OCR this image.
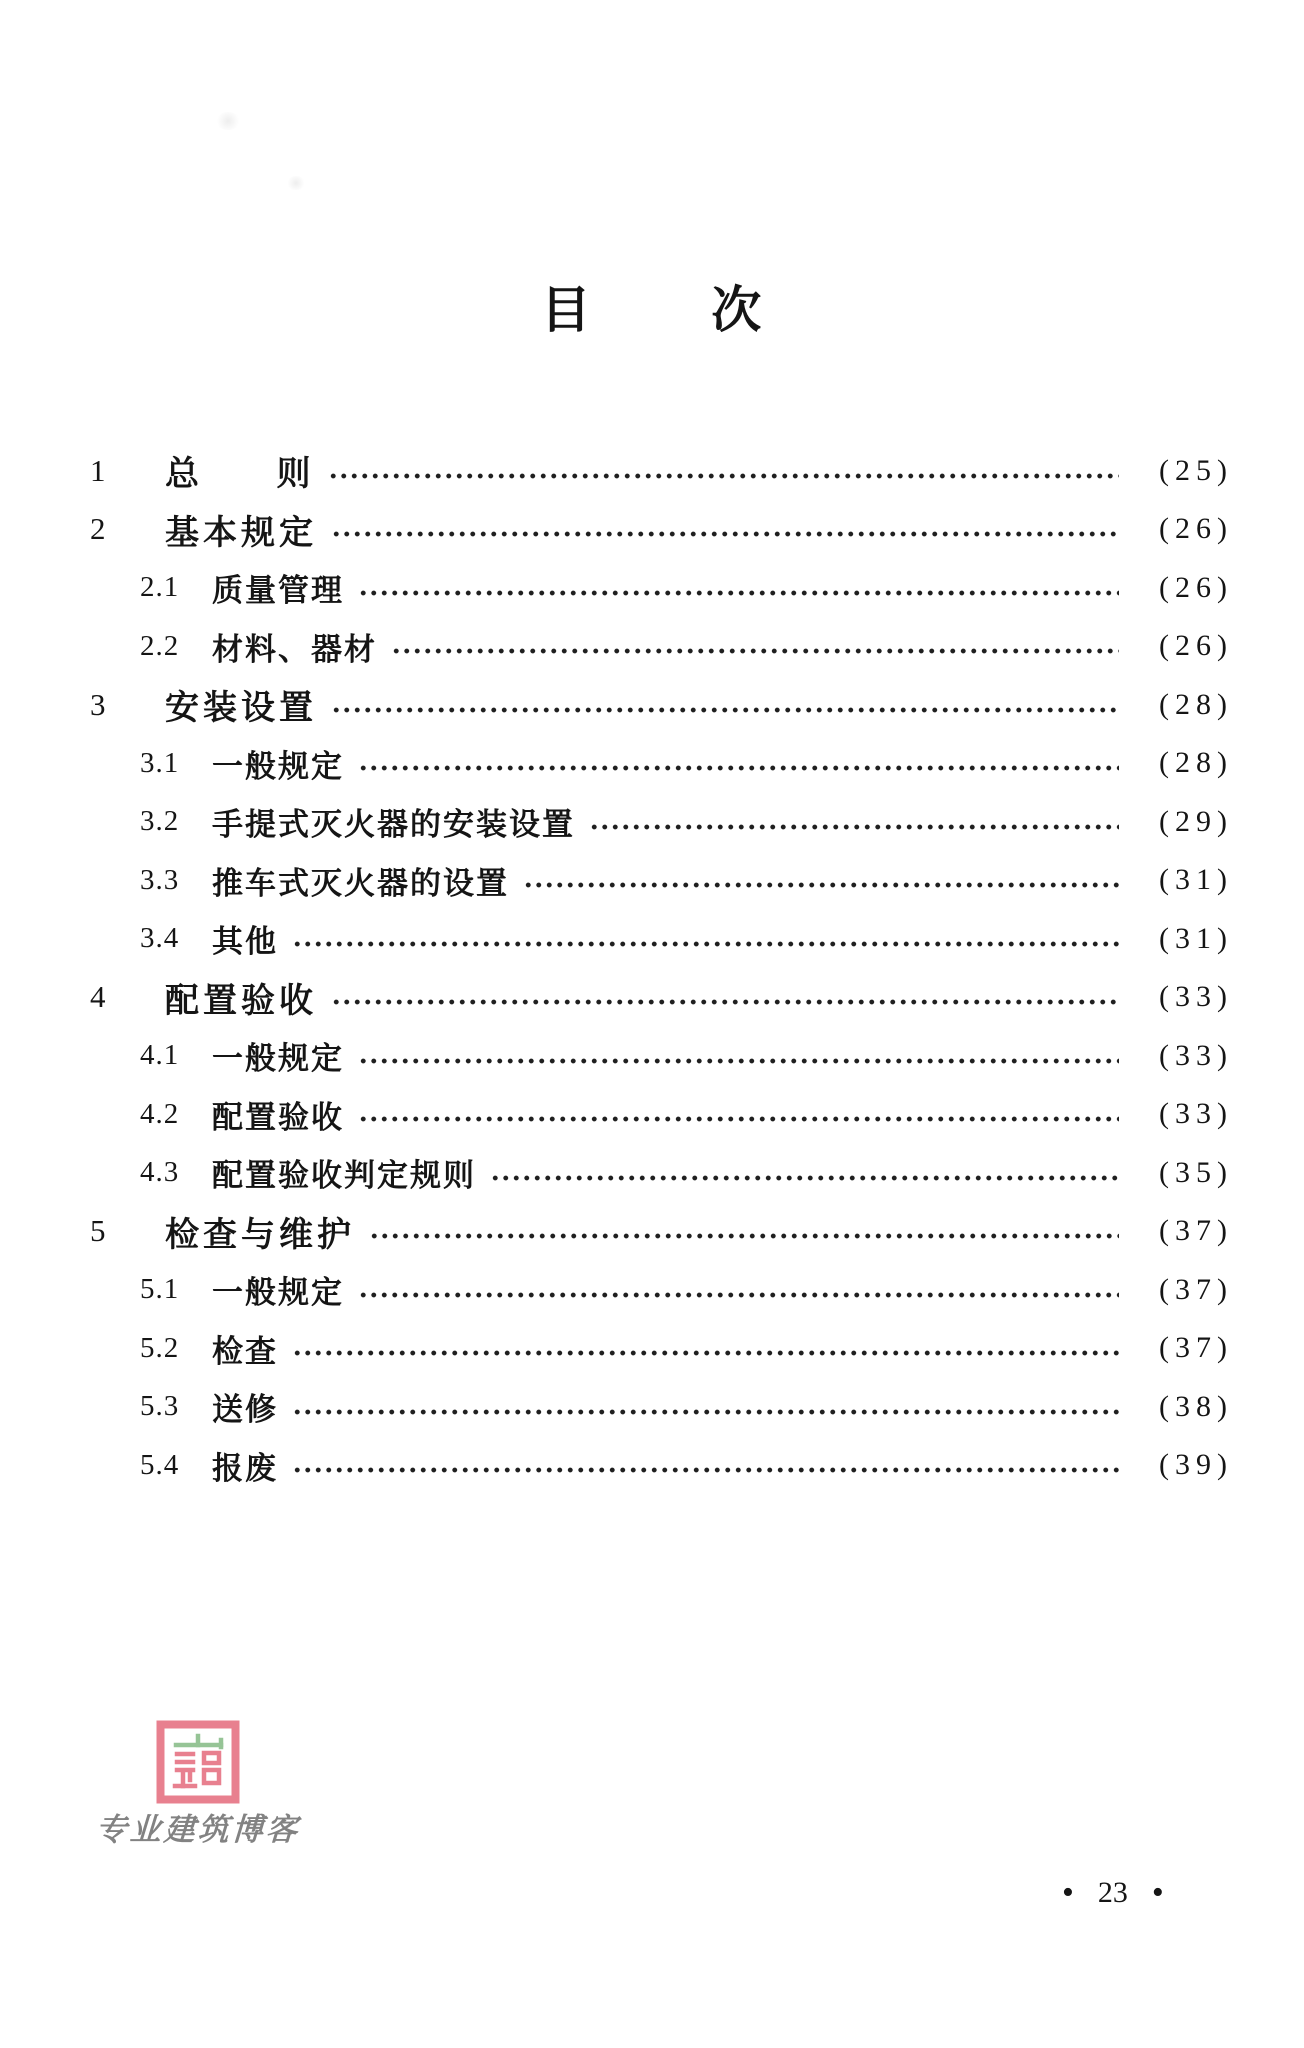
目 次
1	总 则	(25)
2	基本规定	(26)
2.1	质量管理	(26)
2.2	材料、器材	(26)
3	安装设置	(28)
3.1	一般规定	(28)
3.2	手提式灭火器的安装设置	(29)
3.3	推车式灭火器的设置	(31)
3.4	其他	(31)
4	配置验收	(33)
4.1	一般规定	(33)
4.2	配置验收	(33)
4.3	配置验收判定规则	(35)
5	检查与维护	(37)
5.1	一般规定	(37)
5.2	检查	(37)
5.3	送修	(38)
5.4	报废	(39)
专业建筑博客
• 23 •
